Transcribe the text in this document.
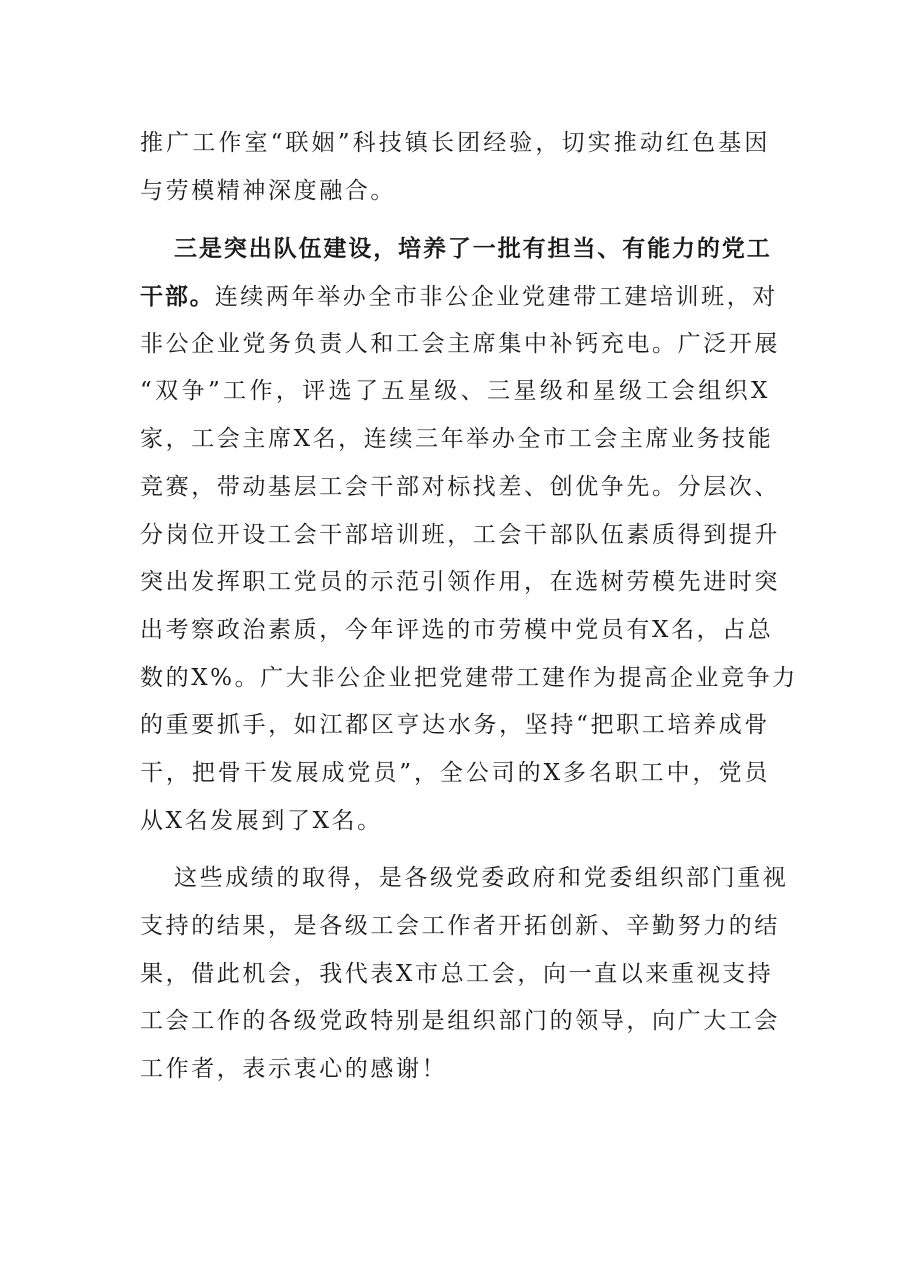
推广工作室“联姻”科技镇长团经验，切实推动红色基因
与劳模精神深度融合。
三是突出队伍建设，培养了一批有担当、有能力的党工
干部。连续两年举办全市非公企业党建带工建培训班，对
非公企业党务负责人和工会主席集中补钙充电。广泛开展
“双争”工作，评选了五星级、三星级和星级工会组织X
家，工会主席X名，连续三年举办全市工会主席业务技能
竞赛，带动基层工会干部对标找差、创优争先。分层次、
分岗位开设工会干部培训班，工会干部队伍素质得到提升
突出发挥职工党员的示范引领作用，在选树劳模先进时突
出考察政治素质，今年评选的市劳模中党员有X名，占总
数的X%。广大非公企业把党建带工建作为提高企业竞争力
的重要抓手，如江都区亨达水务，坚持“把职工培养成骨
干，把骨干发展成党员”，全公司的X多名职工中，党员
从X名发展到了X名。
这些成绩的取得，是各级党委政府和党委组织部门重视
支持的结果，是各级工会工作者开拓创新、辛勤努力的结
果，借此机会，我代表X市总工会，向一直以来重视支持
工会工作的各级党政特别是组织部门的领导，向广大工会
工作者，表示衷心的感谢！
